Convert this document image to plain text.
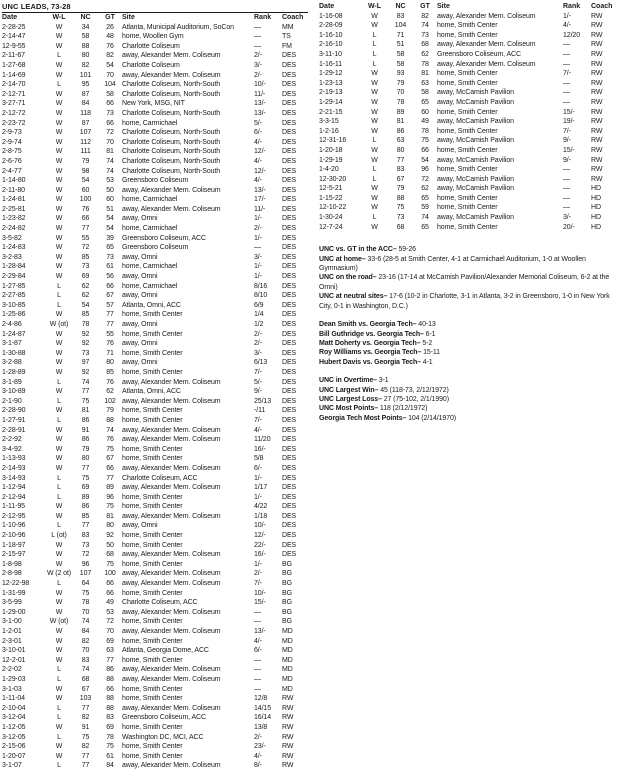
UNC LEADS, 73-28
Date	W-L	NC	GT	Site	Rank	Coach
2-28-25	W	34	26	Atlanta, Municipal Auditorium, SoCon	—	MM
2-14-47	W	58	48	home, Woollen Gym	—	TS
12-9-55	W	88	76	Charlotte Coliseum	—	FM
2-11-67	L	80	82	away, Alexander Mem. Coliseum	2/-	DES
1-27-68	W	82	54	Charlotte Coliseum	3/-	DES
1-14-69	W	101	70	away, Alexander Mem. Coliseum	2/-	DES
2-14-70	L	95	104	Charlotte Coliseum, North-South	10/-	DES
2-12-71	W	87	58	Charlotte Coliseum, North-South	11/-	DES
3-27-71	W	84	66	New York, MSG, NIT	13/-	DES
2-12-72	W	118	73	Charlotte Coliseum, North-South	13/-	DES
2-23-72	W	87	66	home, Carmichael	5/-	DES
2-9-73	W	107	72	Charlotte Coliseum, North-South	6/-	DES
2-9-74	W	112	70	Charlotte Coliseum, North-South	4/-	DES
2-8-75	W	111	81	Charlotte Coliseum, North-South	12/-	DES
2-6-76	W	79	74	Charlotte Coliseum, North-South	4/-	DES
2-4-77	W	98	74	Charlotte Coliseum, North-South	12/-	DES
1-14-80	W	54	53	Greensboro Coliseum	4/-	DES
2-11-80	W	60	50	away, Alexander Mem. Coliseum	13/-	DES
1-24-81	W	100	60	home, Carmichael	17/-	DES
2-25-81	W	76	51	away, Alexander Mem. Coliseum	11/-	DES
1-23-82	W	66	54	away, Omni	1/-	DES
2-24-82	W	77	54	home, Carmichael	2/-	DES
3-5-82	W	55	39	Greensboro Coliseum, ACC	1/-	DES
1-24-83	W	72	65	Greensboro Coliseum	—	DES
3-2-83	W	85	73	away, Omni	3/-	DES
1-28-84	W	73	61	home, Carmichael	1/-	DES
2-29-84	W	69	56	away, Omni	1/-	DES
1-27-85	L	62	66	home, Carmichael	8/16	DES
2-27-85	L	62	67	away, Omni	8/10	DES
3-10-85	L	54	57	Atlanta, Omni, ACC	6/9	DES
1-25-86	W	85	77	home, Smith Center	1/4	DES
2-4-86	W (ot)	78	77	away, Omni	1/2	DES
1-24-87	W	92	55	home, Smith Center	2/-	DES
3-1-87	W	92	76	away, Omni	2/-	DES
1-30-88	W	73	71	home, Smith Center	3/-	DES
3-2-88	W	97	80	away, Omni	6/13	DES
1-28-89	W	92	85	home, Smith Center	7/-	DES
3-1-89	L	74	76	away, Alexander Mem. Coliseum	5/-	DES
3-10-89	W	77	62	Atlanta, Omni, ACC	9/-	DES
2-1-90	L	75	102	away, Alexander Mem. Coliseum	25/13	DES
2-28-90	W	81	79	home, Smith Center	-/11	DES
1-27-91	L	86	88	home, Smith Center	7/-	DES
2-28-91	W	91	74	away, Alexander Mem. Coliseum	4/-	DES
2-2-92	W	86	76	away, Alexander Mem. Coliseum	11/20	DES
3-4-92	W	79	75	home, Smith Center	16/-	DES
1-13-93	W	80	67	home, Smith Center	5/8	DES
2-14-93	W	77	66	away, Alexander Mem. Coliseum	6/-	DES
3-14-93	L	75	77	Charlotte Coliseum, ACC	1/-	DES
1-12-94	L	69	89	away, Alexander Mem. Coliseum	1/17	DES
2-12-94	L	89	96	home, Smith Center	1/-	DES
1-11-95	W	86	75	home, Smith Center	4/22	DES
2-12-95	W	85	81	away, Alexander Mem. Coliseum	1/18	DES
1-10-96	L	77	80	away, Omni	10/-	DES
2-10-96	L (ot)	83	92	home, Smith Center	12/-	DES
1-18-97	W	73	50	home, Smith Center	22/-	DES
2-15-97	W	72	68	away, Alexander Mem. Coliseum	16/-	DES
1-8-98	W	96	75	home, Smith Center	1/-	BG
2-8-98	W (2 ot)	107	100	away, Alexander Mem. Coliseum	2/-	BG
12-22-98	L	64	66	away, Alexander Mem. Coliseum	7/-	BG
1-31-99	W	75	66	home, Smith Center	10/-	BG
3-5-99	W	78	49	Charlotte Coliseum, ACC	15/-	BG
1-29-00	W	70	53	away, Alexander Mem. Coliseum	—	BG
3-1-00	W (ot)	74	72	home, Smith Center	—	BG
1-2-01	W	84	70	away, Alexander Mem. Coliseum	13/-	MD
2-3-01	W	82	69	home, Smith Center	4/-	MD
3-10-01	W	70	63	Atlanta, Georgia Dome, ACC	6/-	MD
12-2-01	W	83	77	home, Smith Center	—	MD
2-2-02	L	74	86	away, Alexander Mem. Coliseum	—	MD
1-29-03	L	68	88	away, Alexander Mem. Coliseum	—	MD
3-1-03	W	67	66	home, Smith Center	—	MD
1-11-04	W	103	88	home, Smith Center	12/8	RW
2-10-04	L	77	88	away, Alexander Mem. Coliseum	14/15	RW
3-12-04	L	82	83	Greensboro Coliseum, ACC	16/14	RW
1-12-05	W	91	69	home, Smith Center	13/8	RW
3-12-05	L	75	78	Washington DC, MCI, ACC	2/-	RW
2-15-06	W	82	75	home, Smith Center	23/-	RW
1-20-07	W	77	61	home, Smith Center	4/-	RW
3-1-07	L	77	84	away, Alexander Mem. Coliseum	8/-	RW
Date	W-L	NC	GT	Site	Rank	Coach
1-16-08	W	83	82	away, Alexander Mem. Coliseum	1/-	RW
2-28-09	W	104	74	home, Smith Center	4/-	RW
1-16-10	L	71	73	home, Smith Center	12/20	RW
2-16-10	L	51	68	away, Alexander Mem. Coliseum	—	RW
3-11-10	L	58	62	Greensboro Coliseum, ACC	—	RW
1-16-11	L	58	78	away, Alexander Mem. Coliseum	—	RW
1-29-12	W	93	81	home, Smith Center	7/-	RW
1-23-13	W	79	63	home, Smith Center	—	RW
2-19-13	W	70	58	away, McCamish Pavilion	—	RW
1-29-14	W	78	65	away, McCamish Pavilion	—	RW
2-21-15	W	89	60	home, Smith Center	15/-	RW
3-3-15	W	81	49	away, McCamish Pavilion	19/-	RW
1-2-16	W	86	78	home, Smith Center	7/-	RW
12-31-16	L	63	75	away, McCamish Pavilion	9/-	RW
1-20-18	W	80	66	home, Smith Center	15/-	RW
1-29-19	W	77	54	away, McCamish Pavilion	9/-	RW
1-4-20	L	83	96	home, Smith Center	—	RW
12-30-20	L	67	72	away, McCamish Pavilion	—	RW
12-5-21	W	79	62	away, McCamish Pavilion	—	HD
1-15-22	W	88	65	home, Smith Center	—	HD
12-10-22	W	75	59	home, Smith Center	—	HD
1-30-24	L	73	74	away, McCamish Pavilion	3/-	HD
12-7-24	W	68	65	home, Smith Center	20/-	HD

UNC vs. GT in the ACC– 59-26

UNC at home– 33-6 (28-5 at Smith Center, 4-1 at Carmichael Auditorium, 1-0 at Woollen Gymnasium)

UNC on the road– 23-16 (17-14 at McCamish Pavilion/Alexander Memorial Coliseum, 6-2 at the Omni)

UNC at neutral sites– 17-6 (10-2 in Charlotte, 3-1 in Atlanta, 3-2 in Greensboro, 1-0 in New York City, 0-1 in Washington, D.C.)

Dean Smith vs. Georgia Tech– 40-13

Bill Guthridge vs. Georgia Tech– 6-1

Matt Doherty vs. Georgia Tech– 5-2

Roy Williams vs. Georgia Tech– 15-11

Hubert Davis vs. Georgia Tech– 4-1

UNC in Overtime– 3-1

UNC Largest Win– 45 (118-73, 2/12/1972)

UNC Largest Loss– 27 (75-102, 2/1/1990)

UNC Most Points– 118 (2/12/1972)

Georgia Tech Most Points– 104 (2/14/1970)
